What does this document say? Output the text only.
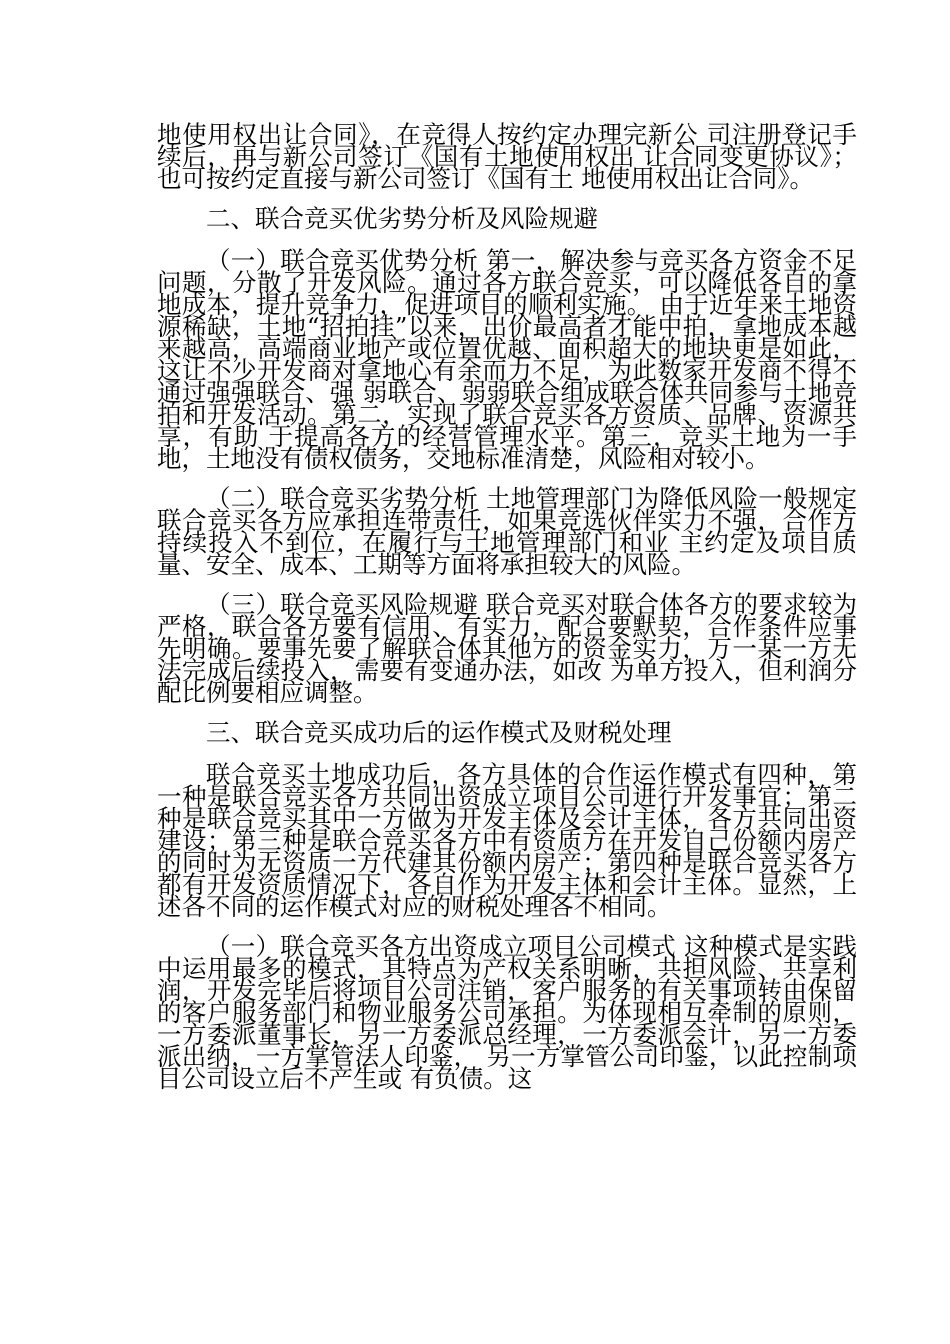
地使用权出让合同》，在竞得人按约定办理完新公 司注册登记手续后，再与新公司签订《国有土地使用权出 让合同变更协议》；也可按约定直接与新公司签订《国有土 地使用权出让合同》。

二、联合竞买优劣势分析及风险规避

（一）联合竞买优势分析 第一，解决参与竞买各方资金不足问题，分散了开发风险。通过各方联合竞买，可以降低各自的拿地成本，提升竞争力，促进项目的顺利实施。 由于近年来土地资源稀缺，土地“招拍挂”以来，出价最高者才能中拍，拿地成本越来越高，高端商业地产或位置优越、面积超大的地块更是如此，这让不少开发商对拿地心有余而力不足，为此数家开发商不得不通过强强联合、强 弱联合、弱弱联合组成联合体共同参与土地竞拍和开发活动。第二，实现了联合竞买各方资质、品牌、资源共享，有助 于提高各方的经营管理水平。第三，竞买土地为一手地，土地没有债权债务，交地标准清楚，风险相对较小。

（二）联合竞买劣势分析 土地管理部门为降低风险一般规定联合竞买各方应承担连带责任，如果竞选伙伴实力不强，合作方持续投入不到位，在履行与土地管理部门和业 主约定及项目质量、安全、成本、工期等方面将承担较大的风险。

（三）联合竞买风险规避 联合竞买对联合体各方的要求较为严格，联合各方要有信用、有实力，配合要默契，合作条件应事先明确。要事先要了解联合体其他方的资金实力，万一某一方无法完成后续投入，需要有变通办法，如改 为单方投入，但利润分配比例要相应调整。

三、联合竞买成功后的运作模式及财税处理

联合竞买土地成功后，各方具体的合作运作模式有四种，第一种是联合竞买各方共同出资成立项目公司进行开发事宜；第二种是联合竞买其中一方做为开发主体及会计主体，各方共同出资建设；第三种是联合竞买各方中有资质方在开发自己份额内房产的同时为无资质一方代建其份额内房产；第四种是联合竞买各方都有开发资质情况下，各自作为开发主体和会计主体。显然，上述各不同的运作模式对应的财税处理各不相同。

（一）联合竞买各方出资成立项目公司模式 这种模式是实践中运用最多的模式，其特点为产权关系明晰，共担风险、共享利润，开发完毕后将项目公司注销，客户服务的有关事项转由保留的客户服务部门和物业服务公司承担。为体现相互牵制的原则，一方委派董事长，另一方委派总经理，一方委派会计，另一方委派出纳，一方掌管法人印鉴， 另一方掌管公司印鉴，以此控制项目公司设立后不产生或 有负债。这
